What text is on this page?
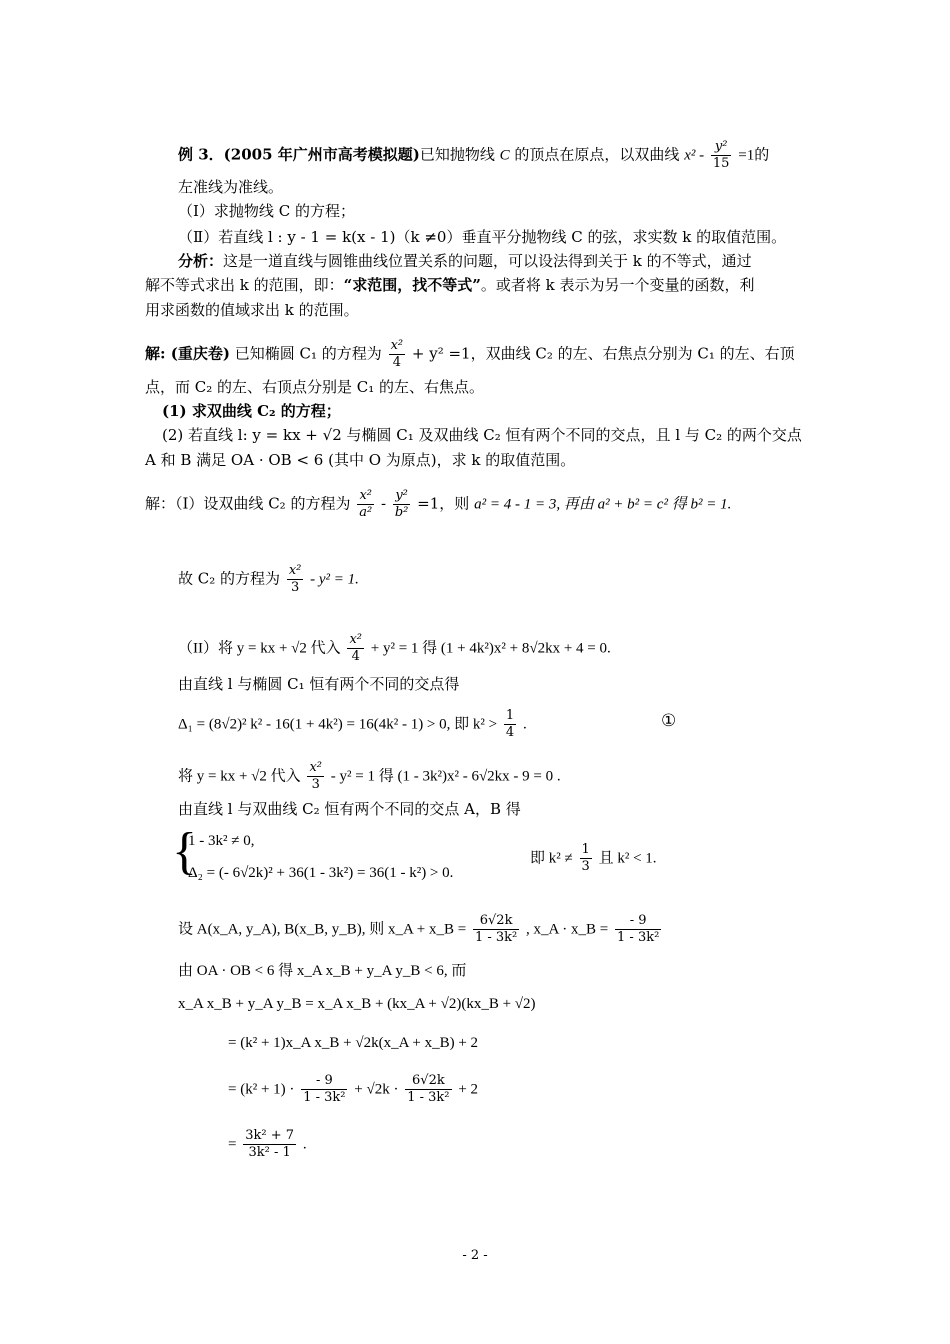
例 3．(2005 年广州市高考模拟题)已知抛物线 C 的顶点在原点，以双曲线 $x^2 - \frac{\text{y²}}{15} =1$的
左准线为准线。
（Ⅰ）求抛物线 C 的方程；
（Ⅱ）若直线 l : y - 1 = k(x - 1)（k ≠0）垂直平分抛物线 C 的弦，求实数 k 的取值范围。
分析：这是一道直线与圆锥曲线位置关系的问题，可以设法得到关于 k 的不等式，通过
解不等式求出 k 的范围，即：“求范围，找不等式”。或者将 k 表示为另一个变量的函数，利
用求函数的值域求出 k 的范围。
解: (重庆卷) 已知椭圆 C₁ 的方程为 $\frac{\text{x²}}{4} + y^2 =1$，双曲线 C₂ 的左、右焦点分别为 C₁ 的左、右顶
点，而 C₂ 的左、右顶点分别是 C₁ 的左、右焦点。
(1) 求双曲线 C₂ 的方程；
(2) 若直线 l: y = kx + √2 与椭圆 C₁ 及双曲线 C₂ 恒有两个不同的交点，且 l 与 C₂ 的两个交点
A 和 B 满足 OA · OB < 6 (其中 O 为原点)，求 k 的取值范围。
解：（Ⅰ）设双曲线 C₂ 的方程为 $\frac{\text{x²}}{\text{a²}} - \frac{\text{y²}}{\text{b²}} =1$，则 a² = 4 - 1 = 3, 再由 a² + b² = c² 得 b² = 1.
故 C₂ 的方程为 $\frac{\text{x²}}{3} - y^2 = 1$.
（II）将 y = kx + √2 代入 $\frac{\text{x²}}{4} + y^2 = 1$ 得 (1 + 4k²)x² + 8√2kx + 4 = 0.
由直线 l 与椭圆 C₁ 恒有两个不同的交点得
Δ₁ = (8√2)² k² - 16(1 + 4k²) = 16(4k² - 1) > 0, 即 $k^2 > \frac{1}{4}$ .	①
将 y = kx + √2 代入 $\frac{\text{x²}}{3} - y^2 = 1$ 得 (1 - 3k²)x² - 6√2kx - 9 = 0 .
由直线 l 与双曲线 C₂ 恒有两个不同的交点 A，B 得
{
1 - 3k² ≠ 0,
Δ₂ = (- 6√2k)² + 36(1 - 3k²) = 36(1 - k²) > 0.
即 $k^2 \ne \frac{1}{3}$ 且 k² < 1.
设 A(x_A, y_A), B(x_B, y_B), 则 x_A + x_B = $\frac{6√2k}{\text{1 - 3k²}}$ , x_A · x_B = $\frac{- 9}{\text{1 - 3k²}}$
由 OA · OB < 6 得 x_A x_B + y_A y_B < 6, 而
x_A x_B + y_A y_B = x_A x_B + (kx_A + √2)(kx_B + √2)
= (k² + 1)x_A x_B + √2k(x_A + x_B) + 2
= $(k^2 + 1) \cdot \frac{- 9}{\text{1 - 3k²}} + √2k \cdot \frac{6√2k}{\text{1 - 3k²}} + 2$
= $\frac{\text{3k² + 7}}{\text{3k² - 1}}$ .
- 2 -
